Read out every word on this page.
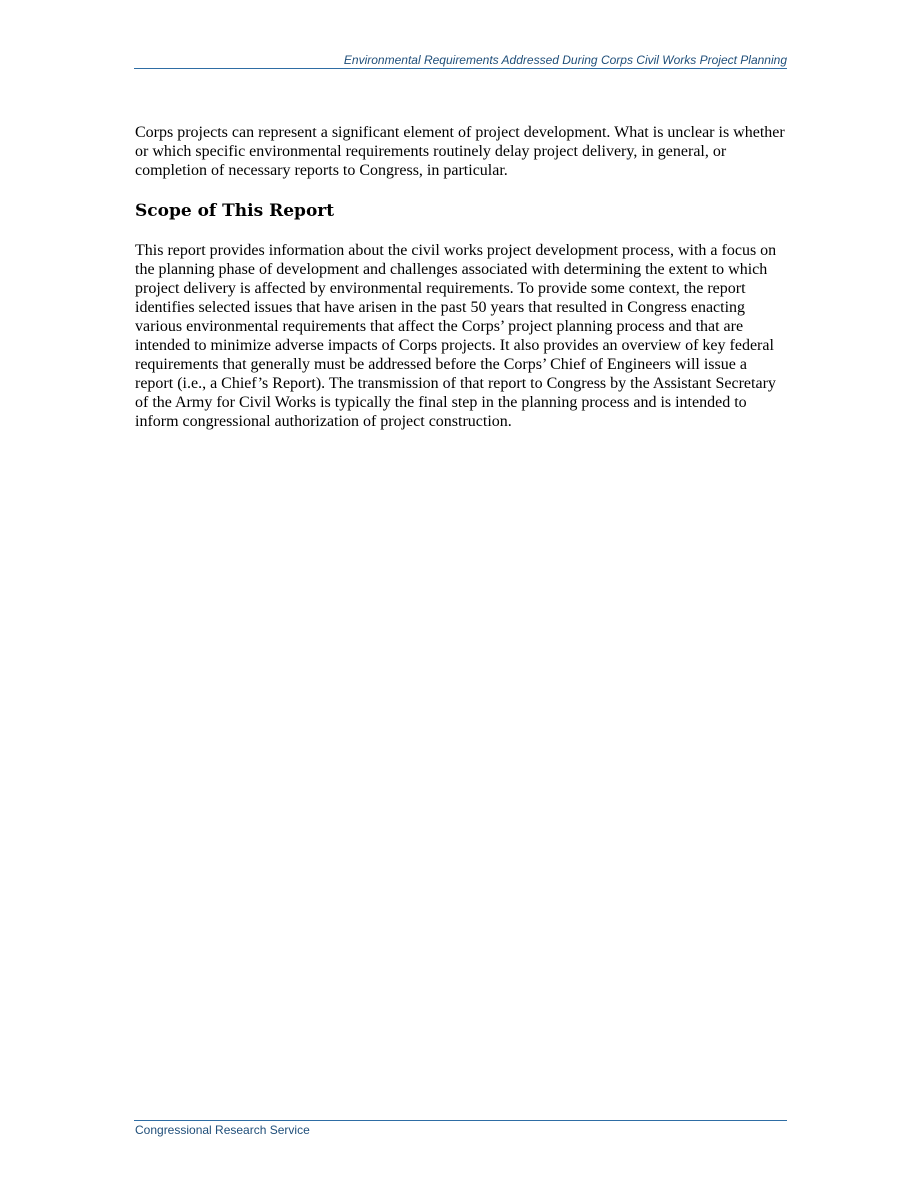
Environmental Requirements Addressed During Corps Civil Works Project Planning

Corps projects can represent a significant element of project development. What is unclear is whether or which specific environmental requirements routinely delay project delivery, in general, or completion of necessary reports to Congress, in particular.

Scope of This Report

This report provides information about the civil works project development process, with a focus on the planning phase of development and challenges associated with determining the extent to which project delivery is affected by environmental requirements. To provide some context, the report identifies selected issues that have arisen in the past 50 years that resulted in Congress enacting various environmental requirements that affect the Corps’ project planning process and that are intended to minimize adverse impacts of Corps projects. It also provides an overview of key federal requirements that generally must be addressed before the Corps’ Chief of Engineers will issue a report (i.e., a Chief’s Report). The transmission of that report to Congress by the Assistant Secretary of the Army for Civil Works is typically the final step in the planning process and is intended to inform congressional authorization of project construction.

Congressional Research Service
